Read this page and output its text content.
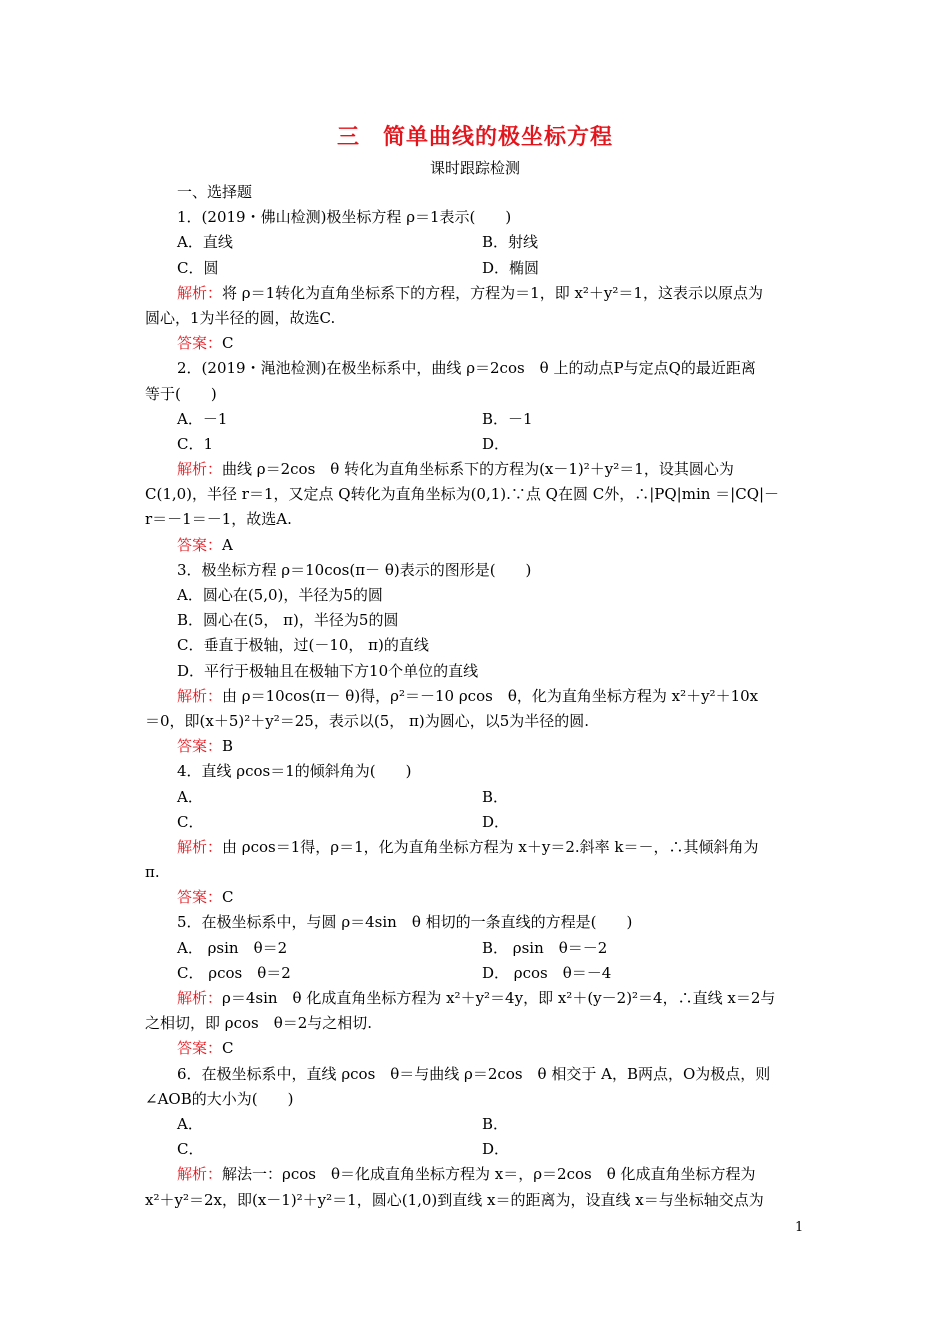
三　简单曲线的极坐标方程
课时跟踪检测
一、选择题
1．(2019・佛山检测)极坐标方程 ρ＝1表示(　　)
A．直线	B．射线
C．圆	D．椭圆
解析：将 ρ＝1转化为直角坐标系下的方程，方程为＝1，即 x²＋y²＝1，这表示以原点为
圆心，1为半径的圆，故选C.
答案：C
2．(2019・渑池检测)在极坐标系中，曲线 ρ＝2cos　θ 上的动点P与定点Q的最近距离
等于(　　)
A．－1	B．－1
C．1	D．
解析：曲线 ρ＝2cos　θ 转化为直角坐标系下的方程为(x－1)²＋y²＝1，设其圆心为
C(1,0)，半径 r＝1，又定点 Q转化为直角坐标为(0,1).∵点 Q在圆 C外，∴|PQ|min ＝|CQ|－
r＝－1＝－1，故选A.
答案：A
3．极坐标方程 ρ＝10cos(π－ θ)表示的图形是(　　)
A．圆心在(5,0)，半径为5的圆
B．圆心在(5， π)，半径为5的圆
C．垂直于极轴，过(－10， π)的直线
D．平行于极轴且在极轴下方10个单位的直线
解析：由 ρ＝10cos(π－ θ)得，ρ²＝－10 ρcos　θ，化为直角坐标方程为 x²＋y²＋10x
＝0，即(x＋5)²＋y²＝25，表示以(5， π)为圆心，以5为半径的圆.
答案：B
4．直线 ρcos＝1的倾斜角为(　　)
A．	B．
C．	D．
解析：由 ρcos＝1得，ρ＝1，化为直角坐标方程为 x＋y＝2.斜率 k＝－，∴其倾斜角为
π.
答案：C
5．在极坐标系中，与圆 ρ＝4sin　θ 相切的一条直线的方程是(　　)
A． ρsin　θ＝2	B． ρsin　θ＝－2
C． ρcos　θ＝2	D． ρcos　θ＝－4
解析：ρ＝4sin　θ 化成直角坐标方程为 x²＋y²＝4y，即 x²＋(y－2)²＝4，∴直线 x＝2与
之相切，即 ρcos　θ＝2与之相切.
答案：C
6．在极坐标系中，直线 ρcos　θ＝与曲线 ρ＝2cos　θ 相交于 A，B两点，O为极点，则
∠AOB的大小为(　　)
A．	B．
C．	D．
解析：解法一：ρcos　θ＝化成直角坐标方程为 x＝，ρ＝2cos　θ 化成直角坐标方程为
x²＋y²＝2x，即(x－1)²＋y²＝1，圆心(1,0)到直线 x＝的距离为，设直线 x＝与坐标轴交点为
1
